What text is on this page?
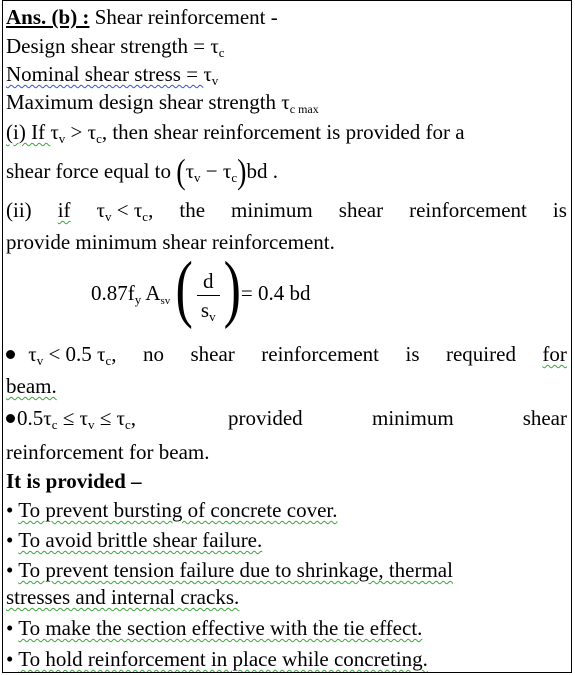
Ans. (b) : Shear reinforcement -
Design shear strength = $\tau_c$
Nominal shear stress = $\tau_v$
Maximum design shear strength $\tau_{c max}$
(i) If $\tau_v > \tau_c$, then shear reinforcement is provided for a
shear force equal to $(\tau_v - \tau_c)bd$ .
(ii) if $\tau_v < \tau_c$, the minimum shear reinforcement is
provide minimum shear reinforcement.
$0.87f_y$ $A_{sv}$ ( $\frac{d}{s_v}$ )= 0.4 bd
$\tau_v < 0.5$ $\tau_c$, no shear reinforcement is required for
beam.
$0.5\tau_c \le \tau_v \le \tau_c$,	provided	minimum	shear
reinforcement for beam.
It is provided –
• To prevent bursting of concrete cover.
• To avoid brittle shear failure.
• To prevent tension failure due to shrinkage, thermal
stresses and internal cracks.
• To make the section effective with the tie effect.
• To hold reinforcement in place while concreting.
